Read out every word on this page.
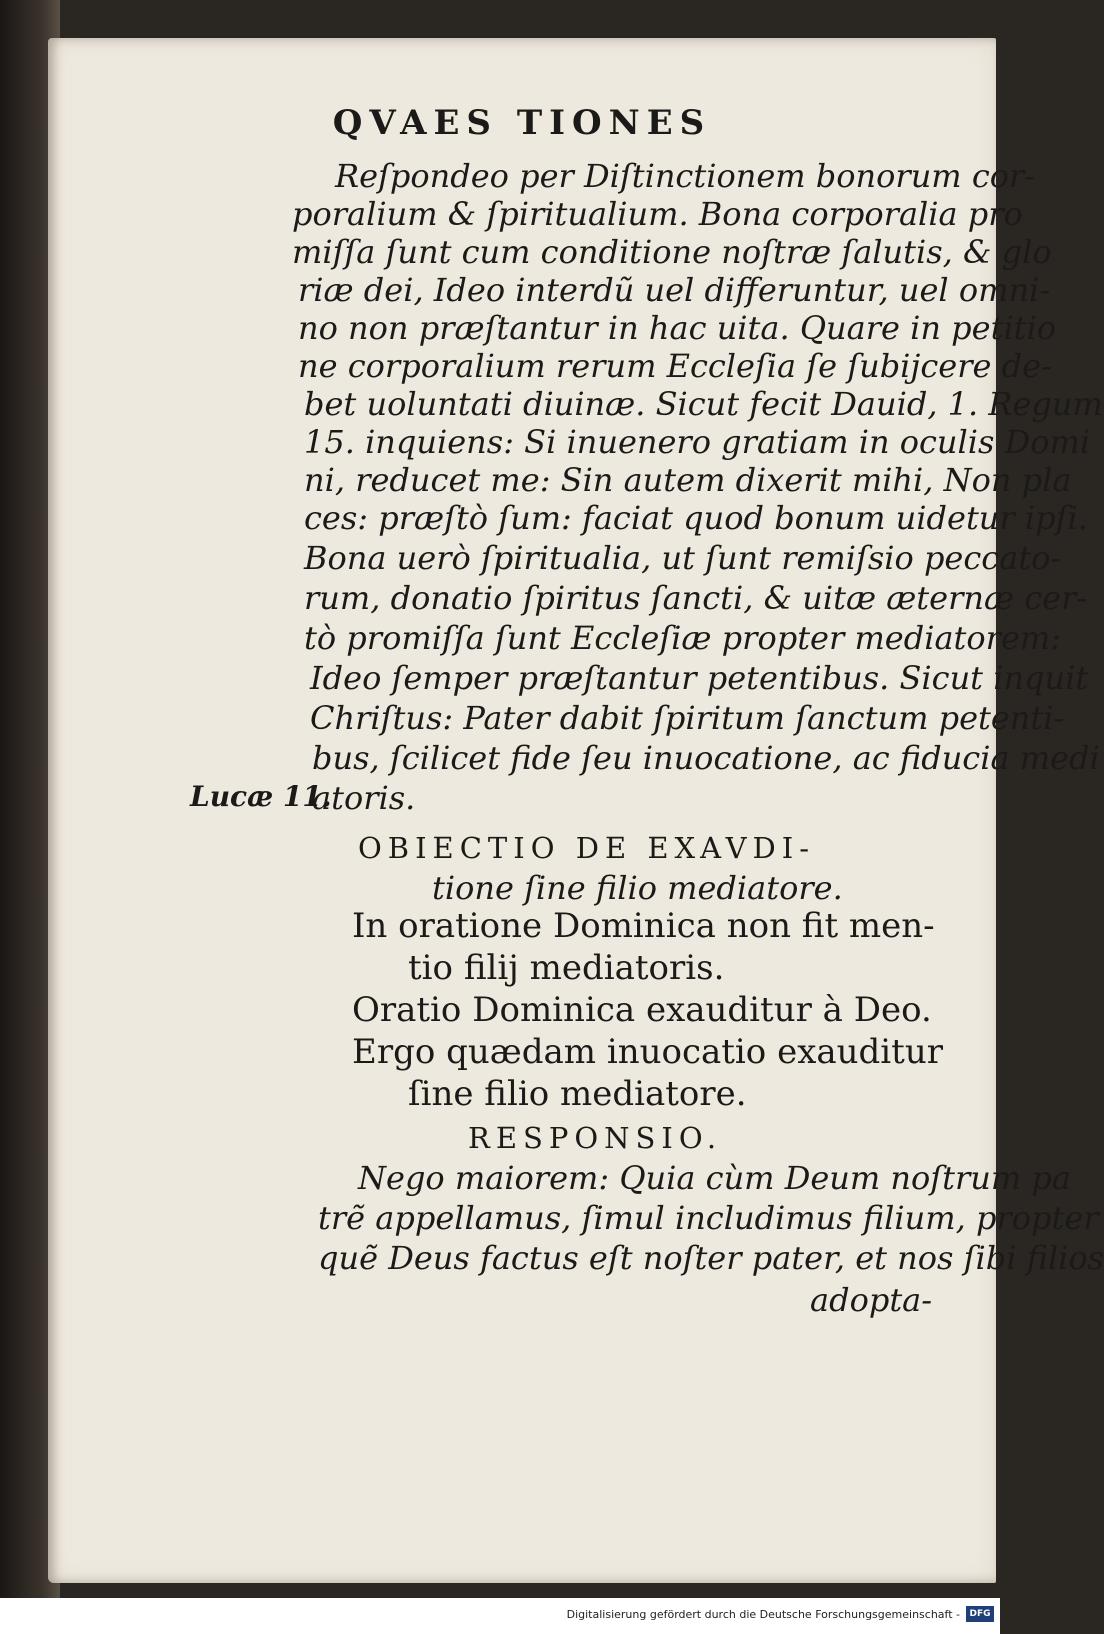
QVAES TIONES
Reſpondeo per Diſtinctionem bonorum cor-
poralium & ſpiritualium. Bona corporalia pro
miſſa ſunt cum conditione noſtræ ſalutis, & glo
riæ dei, Ideo interdũ uel differuntur, uel omni-
no non præſtantur in hac uita. Quare in petitio
ne corporalium rerum Eccleſia ſe ſubijcere de-
bet uoluntati diuinæ. Sicut fecit Dauid, 1. Regum
15. inquiens: Si inuenero gratiam in oculis Domi
ni, reducet me: Sin autem dixerit mihi, Non pla
ces: præſtò ſum: faciat quod bonum uidetur ipſi.
Bona uerò ſpiritualia, ut ſunt remiſsio peccato-
rum, donatio ſpiritus ſancti, & uitæ æternæ cer-
tò promiſſa ſunt Eccleſiæ propter mediatorem:
Ideo ſemper præſtantur petentibus. Sicut inquit
Chriſtus: Pater dabit ſpiritum ſanctum petenti-
bus, ſcilicet fide ſeu inuocatione, ac fiducia medi
atoris.
Lucæ 11.
OBIECTIO DE EXAVDI-
tione ſine filio mediatore.
In oratione Dominica non fit men-
tio filij mediatoris.
Oratio Dominica exauditur à Deo.
Ergo quædam inuocatio exauditur
ſine filio mediatore.
RESPONSIO.
Nego maiorem: Quia cùm Deum noſtrum pa
trẽ appellamus, ſimul includimus filium, propter
quẽ Deus factus eſt noſter pater, et nos ſibi filios
adopta-
Digitalisierung gefördert durch die Deutsche Forschungsgemeinschaft -	DFG
